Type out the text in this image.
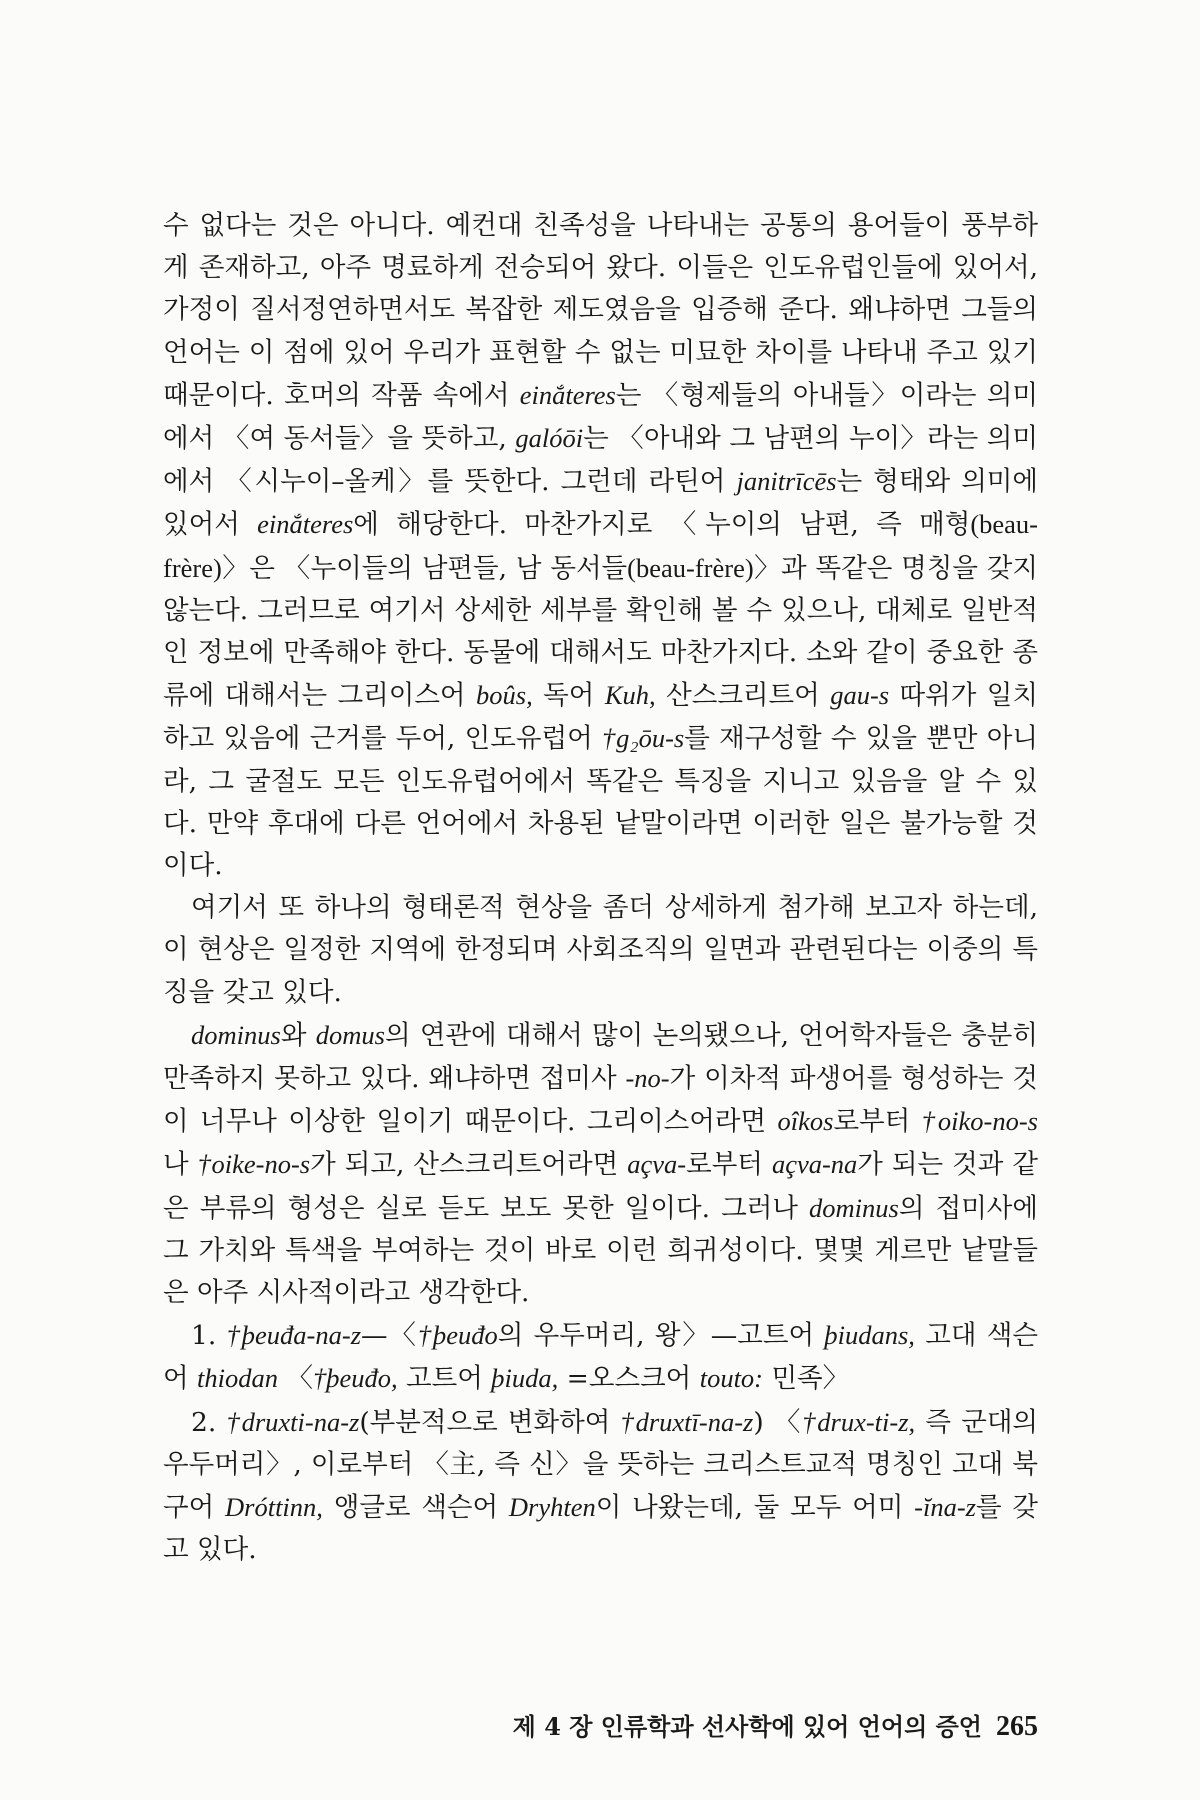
수 없다는 것은 아니다. 예컨대 친족성을 나타내는 공통의 용어들이 풍부하게 존재하고, 아주 명료하게 전승되어 왔다. 이들은 인도유럽인들에 있어서, 가정이 질서정연하면서도 복잡한 제도였음을 입증해 준다. 왜냐하면 그들의 언어는 이 점에 있어 우리가 표현할 수 없는 미묘한 차이를 나타내 주고 있기 때문이다. 호머의 작품 속에서 einắteres는 〈형제들의 아내들〉이라는 의미에서 〈여 동서들〉을 뜻하고, galóōi는 〈아내와 그 남편의 누이〉라는 의미에서 〈시누이–올케〉를 뜻한다. 그런데 라틴어 janitrīcēs는 형태와 의미에 있어서 einắteres에 해당한다. 마찬가지로 〈누이의 남편, 즉 매형(beau-frère)〉은 〈누이들의 남편들, 남 동서들(beau-frère)〉과 똑같은 명칭을 갖지 않는다. 그러므로 여기서 상세한 세부를 확인해 볼 수 있으나, 대체로 일반적인 정보에 만족해야 한다. 동물에 대해서도 마찬가지다. 소와 같이 중요한 종류에 대해서는 그리이스어 boûs, 독어 Kuh, 산스크리트어 gau-s 따위가 일치하고 있음에 근거를 두어, 인도유럽어 †g₂ōu-s를 재구성할 수 있을 뿐만 아니라, 그 굴절도 모든 인도유럽어에서 똑같은 특징을 지니고 있음을 알 수 있다. 만약 후대에 다른 언어에서 차용된 낱말이라면 이러한 일은 불가능할 것이다.

여기서 또 하나의 형태론적 현상을 좀더 상세하게 첨가해 보고자 하는데, 이 현상은 일정한 지역에 한정되며 사회조직의 일면과 관련된다는 이중의 특징을 갖고 있다.

dominus와 domus의 연관에 대해서 많이 논의됐으나, 언어학자들은 충분히 만족하지 못하고 있다. 왜냐하면 접미사 -no-가 이차적 파생어를 형성하는 것이 너무나 이상한 일이기 때문이다. 그리이스어라면 oîkos로부터 †oiko-no-s나 †oike-no-s가 되고, 산스크리트어라면 açva-로부터 açva-na가 되는 것과 같은 부류의 형성은 실로 듣도 보도 못한 일이다. 그러나 dominus의 접미사에 그 가치와 특색을 부여하는 것이 바로 이런 희귀성이다. 몇몇 게르만 낱말들은 아주 시사적이라고 생각한다.

1. †þeuđa-na-z—〈†þeuđo의 우두머리, 왕〉—고트어 þiudans, 고대 색슨어 thiodan 〈†þeuđo, 고트어 þiuda, =오스크어 touto: 민족〉

2. †druxti-na-z(부분적으로 변화하여 †druxtī-na-z) 〈†drux-ti-z, 즉 군대의 우두머리〉, 이로부터 〈主, 즉 신〉을 뜻하는 크리스트교적 명칭인 고대 북구어 Dróttinn, 앵글로 색슨어 Dryhten이 나왔는데, 둘 모두 어미 -ĭna-z를 갖고 있다.

제 4 장 인류학과 선사학에 있어 언어의 증언 265
